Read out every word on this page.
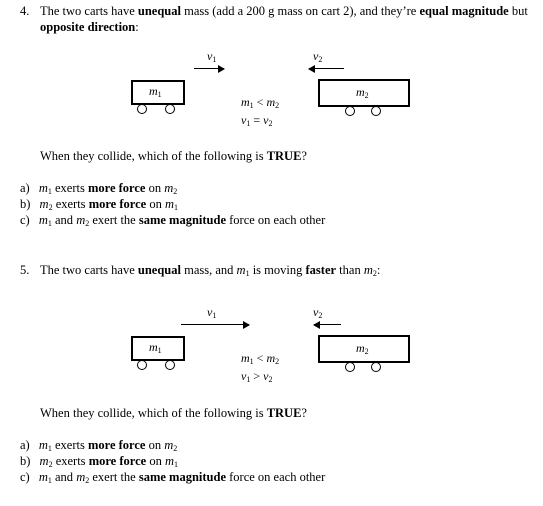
4. The two carts have unequal mass (add a 200 g mass on cart 2), and they’re equal magnitude but
opposite direction:
$v_1$	$v_2$
$m_1$	$m_2$
$m_1 < m_2$
$v_1 = v_2$
When they collide, which of the following is TRUE?
a) $m_1$ exerts more force on $m_2$
b) $m_2$ exerts more force on $m_1$
c) $m_1$ and $m_2$ exert the same magnitude force on each other
5. The two carts have unequal mass, and $m_1$ is moving faster than $m_2$:
$v_1$	$v_2$
$m_1$	$m_2$
$m_1 < m_2$
$v_1 > v_2$
When they collide, which of the following is TRUE?
a) $m_1$ exerts more force on $m_2$
b) $m_2$ exerts more force on $m_1$
c) $m_1$ and $m_2$ exert the same magnitude force on each other
